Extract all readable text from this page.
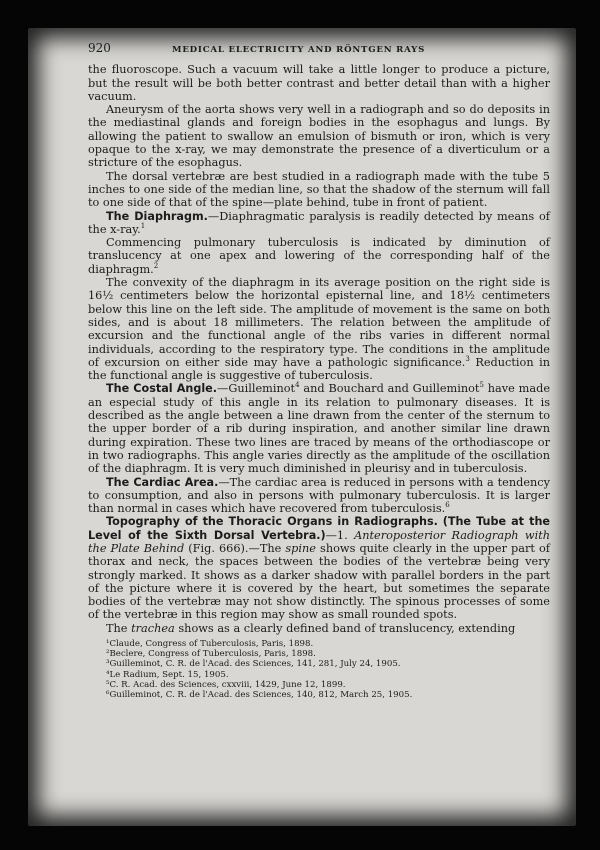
920	MEDICAL ELECTRICITY AND RÖNTGEN RAYS

the fluoroscope. Such a vacuum will take a little longer to produce a picture, but the result will be both better contrast and better detail than with a higher vacuum.

Aneurysm of the aorta shows very well in a radiograph and so do deposits in the mediastinal glands and foreign bodies in the esophagus and lungs. By allowing the patient to swallow an emulsion of bismuth or iron, which is very opaque to the x-ray, we may demonstrate the presence of a diverticulum or a stricture of the esophagus.

The dorsal vertebræ are best studied in a radiograph made with the tube 5 inches to one side of the median line, so that the shadow of the sternum will fall to one side of that of the spine—plate behind, tube in front of patient.

The Diaphragm.—Diaphragmatic paralysis is readily detected by means of the x-ray.$^1$

Commencing pulmonary tuberculosis is indicated by diminution of translucency at one apex and lowering of the corresponding half of the diaphragm.$^2$

The convexity of the diaphragm in its average position on the right side is 16½ centimeters below the horizontal episternal line, and 18½ centimeters below this line on the left side. The amplitude of movement is the same on both sides, and is about 18 millimeters. The relation between the amplitude of excursion and the functional angle of the ribs varies in different normal individuals, according to the respiratory type. The conditions in the amplitude of excursion on either side may have a pathologic significance.$^3$ Reduction in the functional angle is suggestive of tuberculosis.

The Costal Angle.—Guilleminot$^4$ and Bouchard and Guilleminot$^5$ have made an especial study of this angle in its relation to pulmonary diseases. It is described as the angle between a line drawn from the center of the sternum to the upper border of a rib during inspiration, and another similar line drawn during expiration. These two lines are traced by means of the orthodiascope or in two radiographs. This angle varies directly as the amplitude of the oscillation of the diaphragm. It is very much diminished in pleurisy and in tuberculosis.

The Cardiac Area.—The cardiac area is reduced in persons with a tendency to consumption, and also in persons with pulmonary tuberculosis. It is larger than normal in cases which have recovered from tuberculosis.$^6$

Topography of the Thoracic Organs in Radiographs. (The Tube at the Level of the Sixth Dorsal Vertebra.)—1. Anteroposterior Radiograph with the Plate Behind (Fig. 666).—The spine shows quite clearly in the upper part of thorax and neck, the spaces between the bodies of the vertebræ being very strongly marked. It shows as a darker shadow with parallel borders in the part of the picture where it is covered by the heart, but sometimes the separate bodies of the vertebræ may not show distinctly. The spinous processes of some of the vertebræ in this region may show as small rounded spots.

The trachea shows as a clearly defined band of translucency, extending

¹Claude, Congress of Tuberculosis, Paris, 1898.
²Beclere, Congress of Tuberculosis, Paris, 1898.
³Guilleminot, C. R. de l'Acad. des Sciences, 141, 281, July 24, 1905.
⁴Le Radium, Sept. 15, 1905.
⁵C. R. Acad. des Sciences, cxxviii, 1429, June 12, 1899.
⁶Guilleminot, C. R. de l'Acad. des Sciences, 140, 812, March 25, 1905.
